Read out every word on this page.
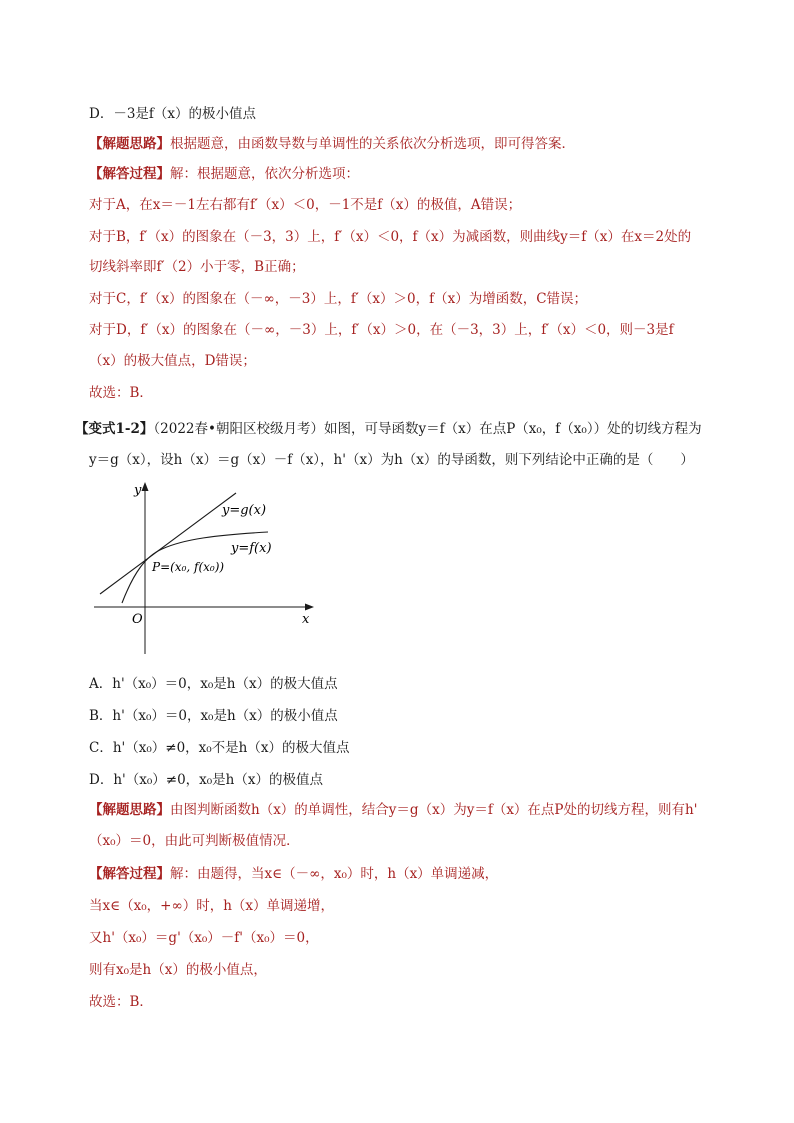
D．－3是f（x）的极小值点
【解题思路】根据题意，由函数导数与单调性的关系依次分析选项，即可得答案．
【解答过程】解：根据题意，依次分析选项：
对于A，在x＝－1左右都有f′（x）＜0，－1不是f（x）的极值，A错误；
对于B，f′（x）的图象在（－3，3）上，f′（x）＜0，f（x）为减函数，则曲线y＝f（x）在x＝2处的
切线斜率即f′（2）小于零，B正确；
对于C，f′（x）的图象在（－∞，－3）上，f′（x）＞0，f（x）为增函数，C错误；
对于D，f′（x）的图象在（－∞，－3）上，f′（x）＞0，在（－3，3）上，f′（x）＜0，则－3是f
（x）的极大值点，D错误；
故选：B．
【变式1-2】（2022春•朝阳区校级月考）如图，可导函数y＝f（x）在点P（x₀，f（x₀））处的切线方程为
y＝g（x），设h（x）＝g（x）－f（x），h'（x）为h（x）的导函数，则下列结论中正确的是（　　）
y
x
O
y=g(x)
y=f(x)
P=(x₀, f(x₀))
A．h'（x₀）＝0，x₀是h（x）的极大值点
B．h'（x₀）＝0，x₀是h（x）的极小值点
C．h'（x₀）≠0，x₀不是h（x）的极大值点
D．h'（x₀）≠0，x₀是h（x）的极值点
【解题思路】由图判断函数h（x）的单调性，结合y＝g（x）为y＝f（x）在点P处的切线方程，则有h'
（x₀）＝0，由此可判断极值情况．
【解答过程】解：由题得，当x∈（－∞，x₀）时，h（x）单调递减，
当x∈（x₀，+∞）时，h（x）单调递增，
又h'（x₀）＝g'（x₀）－f'（x₀）＝0，
则有x₀是h（x）的极小值点，
故选：B．
